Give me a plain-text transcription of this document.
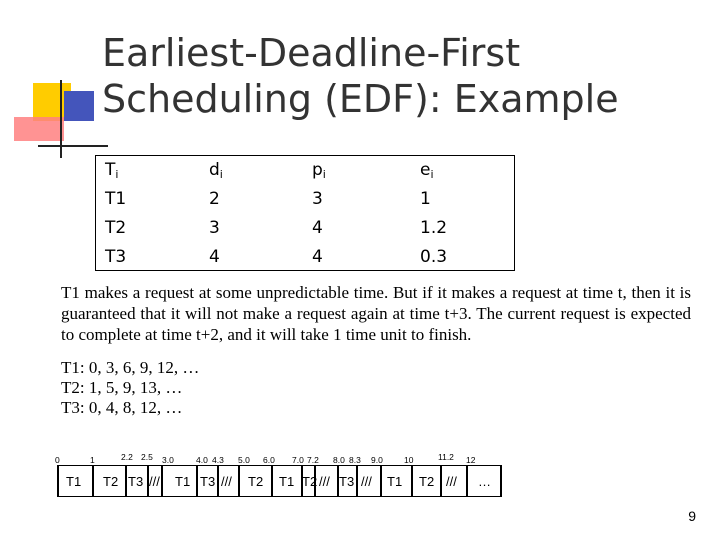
Earliest-Deadline-First
Scheduling (EDF): Example
$T_i$	$d_i$	$p_i$	$e_i$
T1	2	3	1
T2	3	4	1.2
T3	4	4	0.3
T1 makes a request at some unpredictable time. But if it makes a request at time t, then it is guaranteed that it will not make a request again at time t+3. The current request is expected to complete at time t+2, and it will take 1 time unit to finish.
T1: 0, 3, 6, 9, 12, …
T2: 1, 5, 9, 13, …
T3: 0, 4, 8, 12, …
0	1	2.2 2.5 3.0	4.0 4.3 5.0 6.0 7.0 7.2 8.0 8.3 9.0 10	11.2 12
T1 T2 T3 /// T1 T3 /// T2 T1 T2 /// T3 /// T1 T2 /// …
9
